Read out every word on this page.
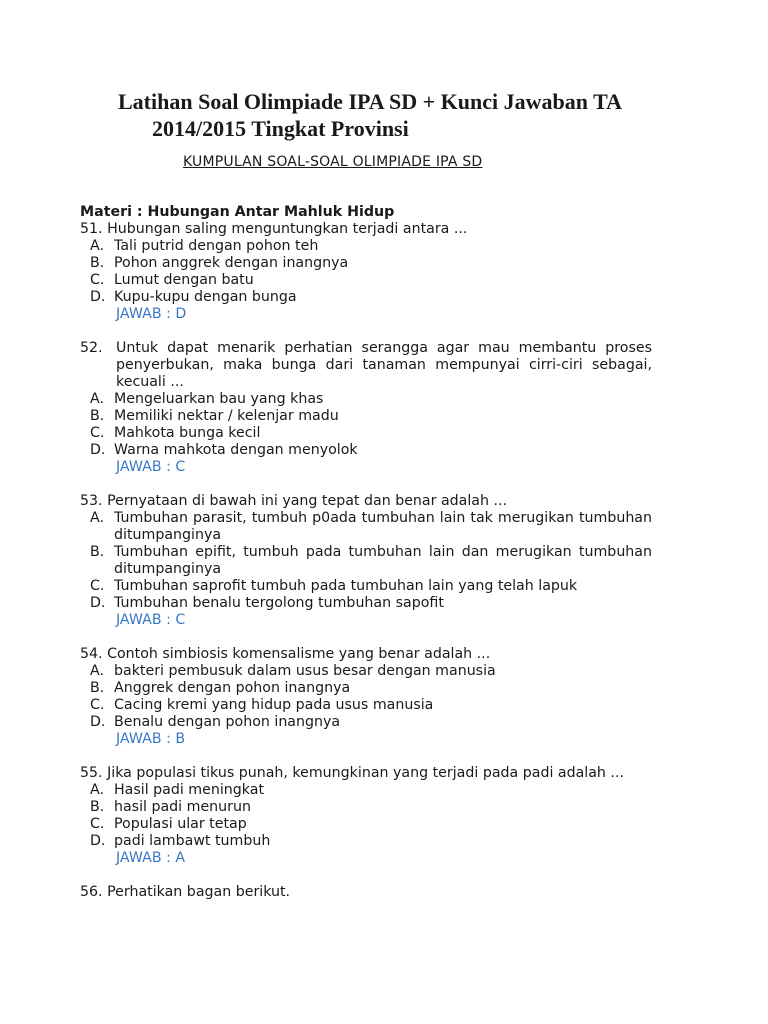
Latihan Soal Olimpiade IPA SD + Kunci Jawaban TA
2014/2015 Tingkat Provinsi

KUMPULAN SOAL-SOAL OLIMPIADE IPA SD

Materi : Hubungan Antar Mahluk Hidup

51.
Hubungan saling menguntungkan terjadi antara ...
A. Tali putrid dengan pohon teh
B. Pohon anggrek dengan inangnya
C. Lumut dengan batu
D. Kupu-kupu dengan bunga

JAWAB : D

52. Untuk dapat menarik perhatian serangga agar mau membantu proses penyerbukan, maka bunga dari tanaman mempunyai cirri-ciri sebagai, kecuali ...
A. Mengeluarkan bau yang khas
B. Memiliki nektar / kelenjar madu
C. Mahkota bunga kecil
D. Warna mahkota dengan menyolok

JAWAB : C

53.
Pernyataan di bawah ini yang tepat dan benar adalah ...
A. Tumbuhan parasit, tumbuh p0ada tumbuhan lain tak merugikan tumbuhan ditumpanginya
B. Tumbuhan epifit, tumbuh pada tumbuhan lain dan merugikan tumbuhan ditumpanginya
C. Tumbuhan saprofit tumbuh pada tumbuhan lain yang telah lapuk
D. Tumbuhan benalu tergolong tumbuhan sapofit

JAWAB : C

54.
Contoh simbiosis komensalisme yang benar adalah ...
A. bakteri pembusuk dalam usus besar dengan manusia
B. Anggrek dengan pohon inangnya
C. Cacing kremi yang hidup pada usus manusia
D. Benalu dengan pohon inangnya

JAWAB : B

55. Jika populasi tikus punah, kemungkinan yang terjadi pada padi adalah ...
A. Hasil padi meningkat
B. hasil padi menurun
C. Populasi ular tetap
D. padi lambawt tumbuh

JAWAB : A

56.
Perhatikan bagan berikut.
